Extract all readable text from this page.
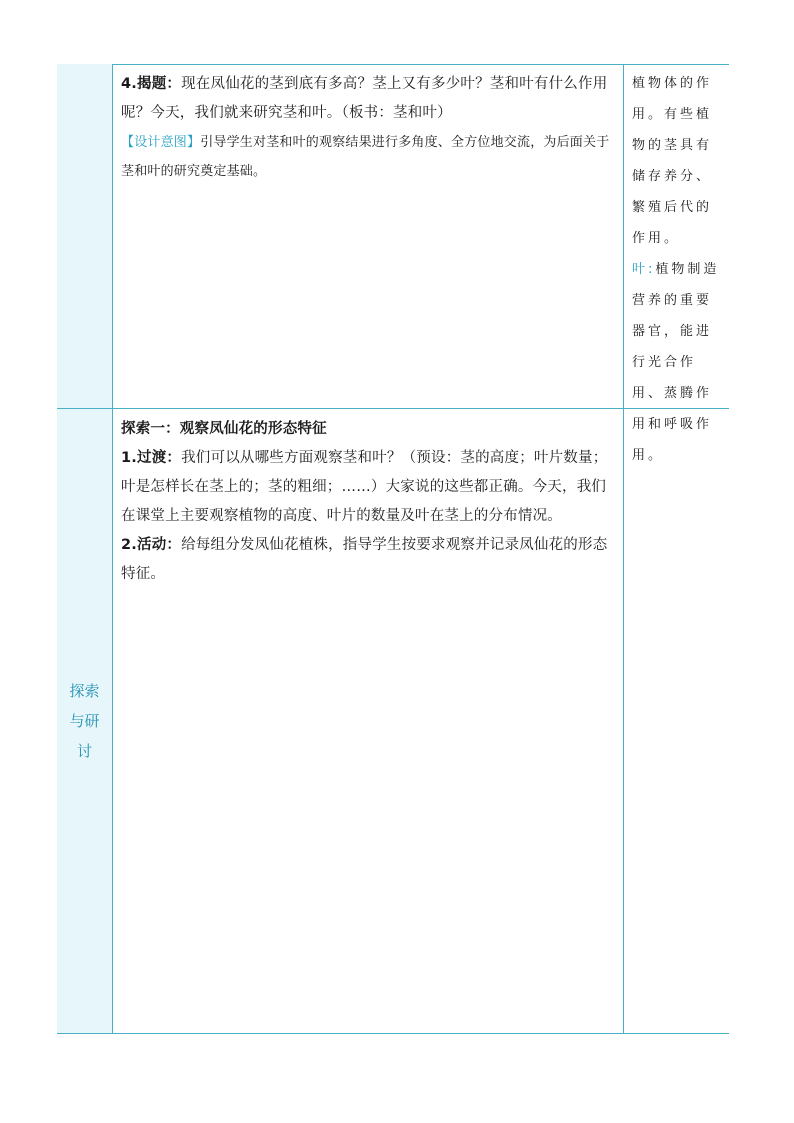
4.揭题：现在凤仙花的茎到底有多高？茎上又有多少叶？茎和叶有什么作用呢？今天，我们就来研究茎和叶。（板书：茎和叶）

【设计意图】引导学生对茎和叶的观察结果进行多角度、全方位地交流，为后面关于茎和叶的研究奠定基础。

植物体的作用。有些植物的茎具有储存养分、繁殖后代的作用。
叶:植物制造营养的重要器官，能进行光合作用、蒸腾作用和呼吸作用。
探索与研讨

探索一：观察凤仙花的形态特征

1.过渡：我们可以从哪些方面观察茎和叶？（预设：茎的高度；叶片数量；叶是怎样长在茎上的；茎的粗细；……）大家说的这些都正确。今天，我们在课堂上主要观察植物的高度、叶片的数量及叶在茎上的分布情况。

2.活动：给每组分发凤仙花植株，指导学生按要求观察并记录凤仙花的形态特征。
